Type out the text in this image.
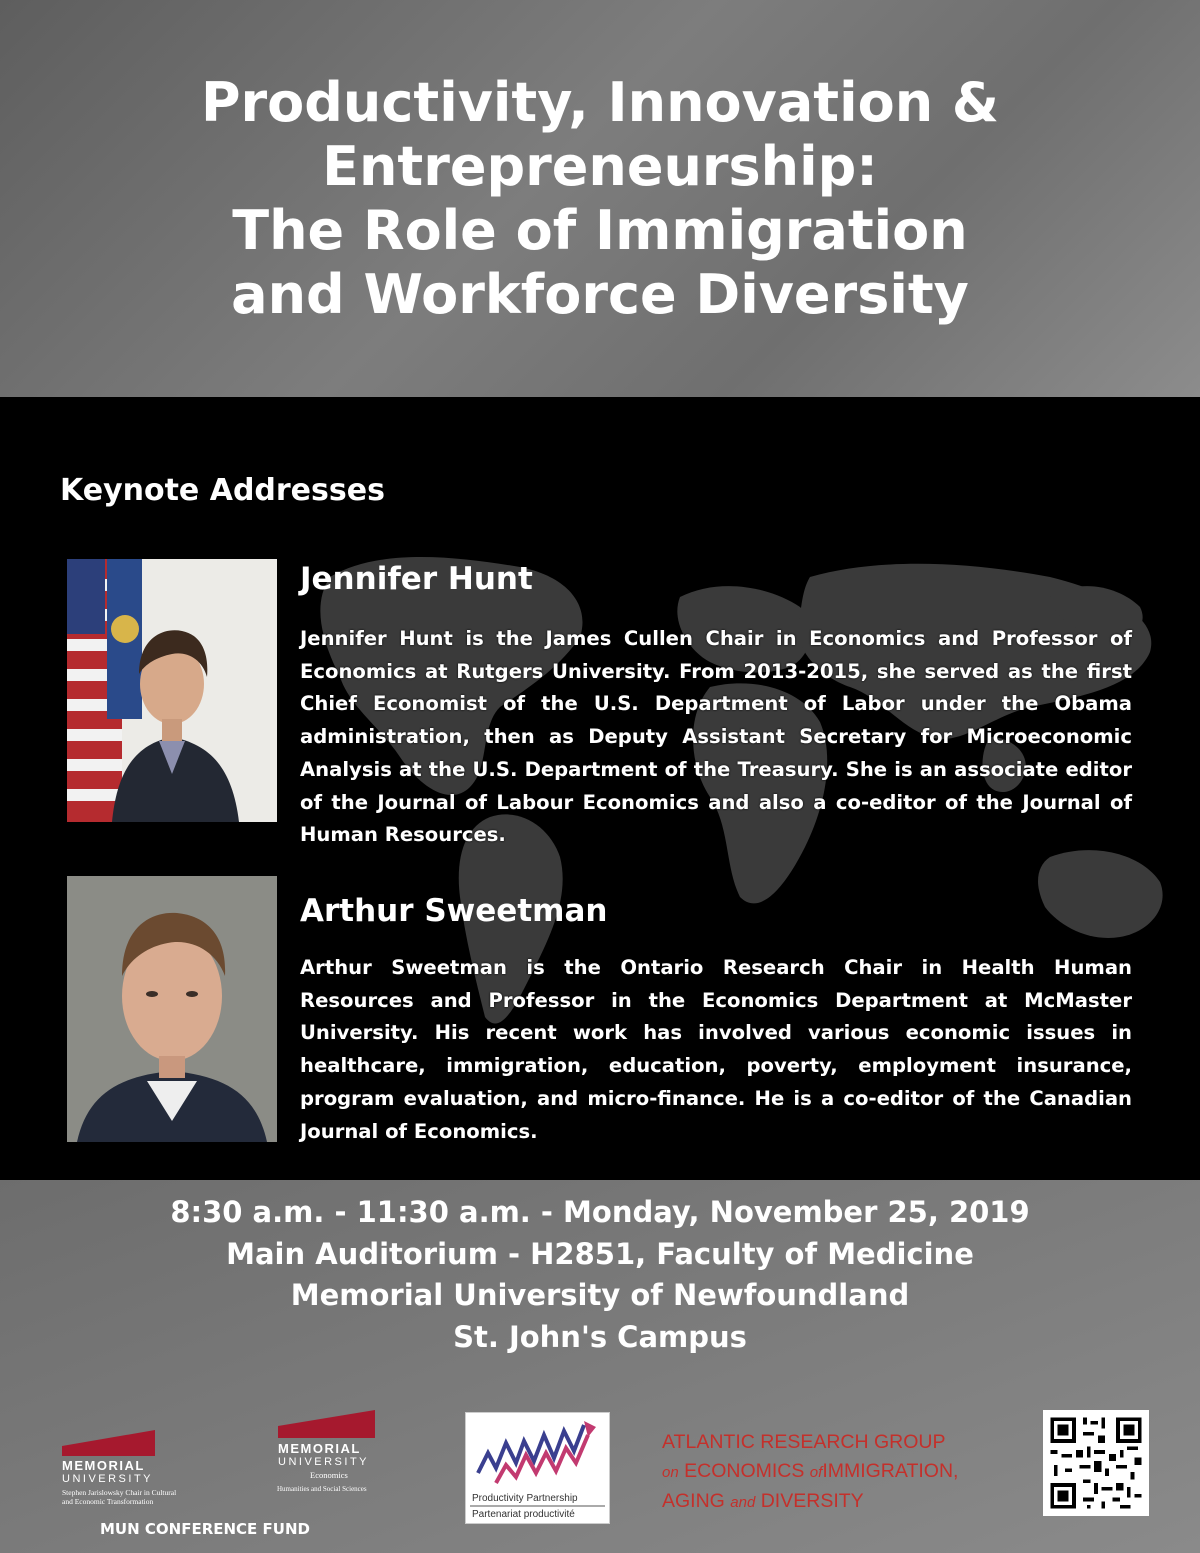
Productivity, Innovation &
Entrepreneurship:
The Role of Immigration
and Workforce Diversity
Keynote Addresses
Jennifer Hunt
Jennifer Hunt is the James Cullen Chair in Economics and Professor of Economics at Rutgers University. From 2013-2015, she served as the first Chief Economist of the U.S. Department of Labor under the Obama administration, then as Deputy Assistant Secretary for Microeconomic Analysis at the U.S. Department of the Treasury. She is an associate editor of the Journal of Labour Economics and also a co-editor of the Journal of Human Resources.
Arthur Sweetman
Arthur Sweetman is the Ontario Research Chair in Health Human Resources and Professor in the Economics Department at McMaster University. His recent work has involved various economic issues in healthcare, immigration, education, poverty, employment insurance, program evaluation, and micro-finance. He is a co-editor of the Canadian Journal of Economics.
8:30 a.m. - 11:30 a.m. - Monday, November 25, 2019
Main Auditorium - H2851, Faculty of Medicine
Memorial University of Newfoundland
St. John's Campus
MEMORIAL
UNIVERSITY
Stephen Jarislowsky Chair in Cultural
and Economic Transformation
MEMORIAL
UNIVERSITY
Economics
Humanities and Social Sciences
MUN CONFERENCE FUND
Productivity Partnership
Partenariat productivité
ATLANTIC RESEARCH GROUP
on ECONOMICS ofIMMIGRATION,
AGING and DIVERSITY
